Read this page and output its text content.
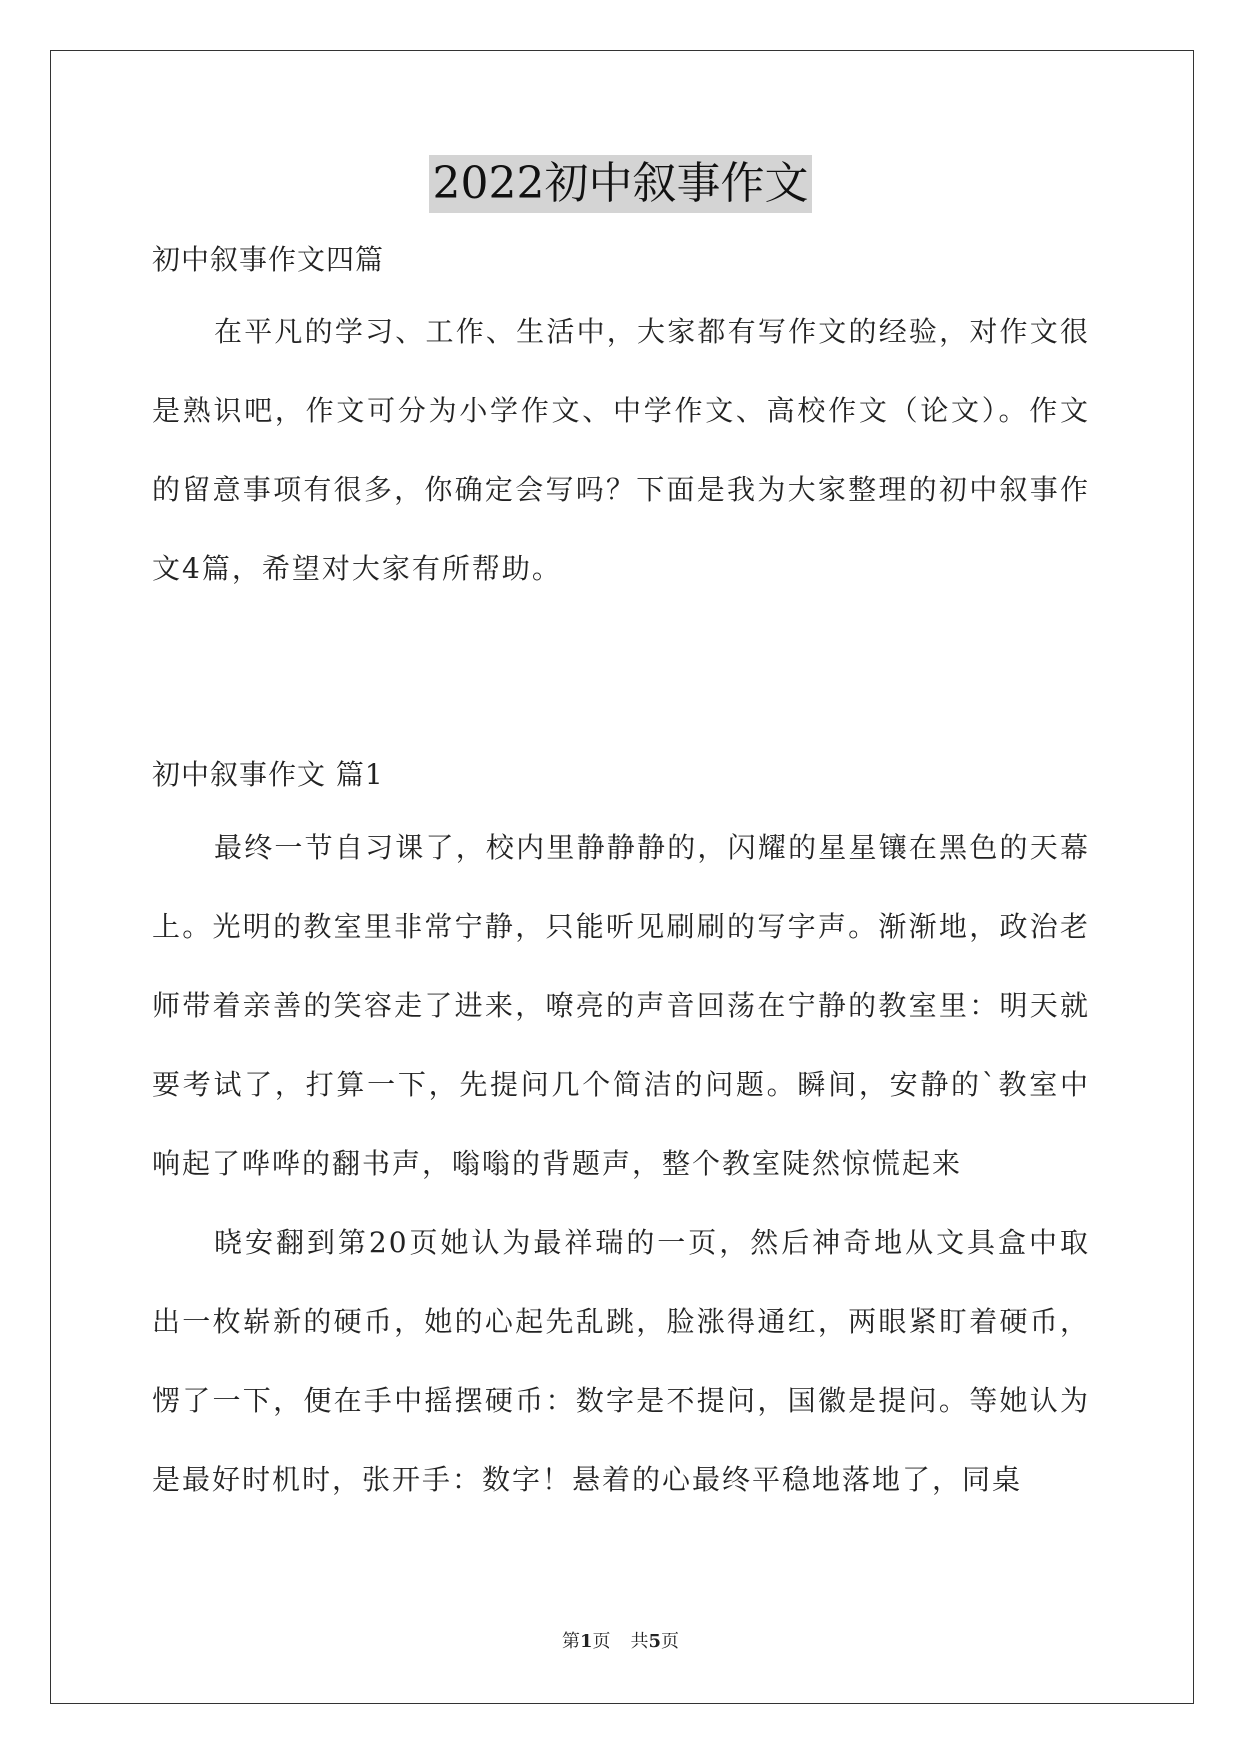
2022初中叙事作文
初中叙事作文四篇

在平凡的学习、工作、生活中，大家都有写作文的经验，对作文很是熟识吧，作文可分为小学作文、中学作文、高校作文（论文）。作文的留意事项有很多，你确定会写吗？下面是我为大家整理的初中叙事作文4篇，希望对大家有所帮助。

初中叙事作文 篇1

最终一节自习课了，校内里静静静的，闪耀的星星镶在黑色的天幕上。光明的教室里非常宁静，只能听见刷刷的写字声。渐渐地，政治老师带着亲善的笑容走了进来，嘹亮的声音回荡在宁静的教室里：明天就要考试了，打算一下，先提问几个简洁的问题。瞬间，安静的`教室中响起了哗哗的翻书声，嗡嗡的背题声，整个教室陡然惊慌起来

晓安翻到第20页她认为最祥瑞的一页，然后神奇地从文具盒中取出一枚崭新的硬币，她的心起先乱跳，脸涨得通红，两眼紧盯着硬币，愣了一下，便在手中摇摆硬币：数字是不提问，国徽是提问。等她认为是最好时机时，张开手：数字！悬着的心最终平稳地落地了，同桌

第1页 共5页
